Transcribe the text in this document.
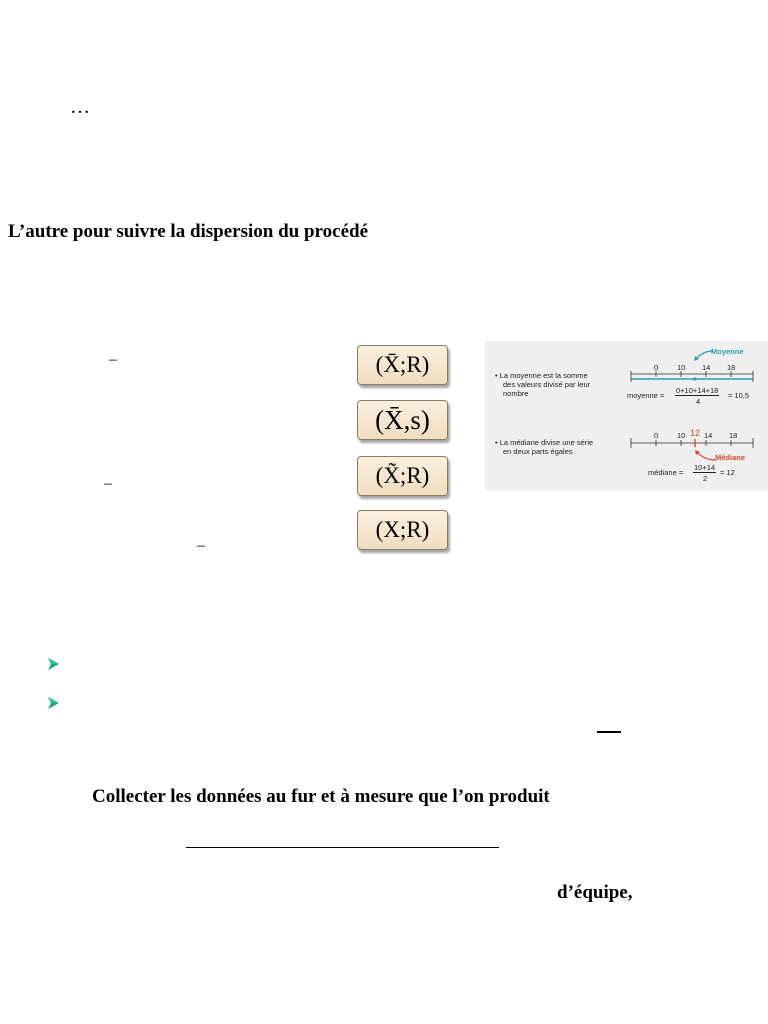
…
L’autre pour suivre la dispersion du procédé
–
–
–
(X̄;R)
(X̄,s)
(X̃;R)
(X;R)
• La moyenne est la somme
des valeurs divisé par leur
nombre
Moyenne
0	10 14 18
moyenne =
0+10+14+18
4
= 10,5
• La médiane divise une série
en deux parts égales
0	10 12 14 18
Médiane
médiane =
10+14
2
= 12
Collecter les données au fur et à mesure que l’on produit
d’équipe,
